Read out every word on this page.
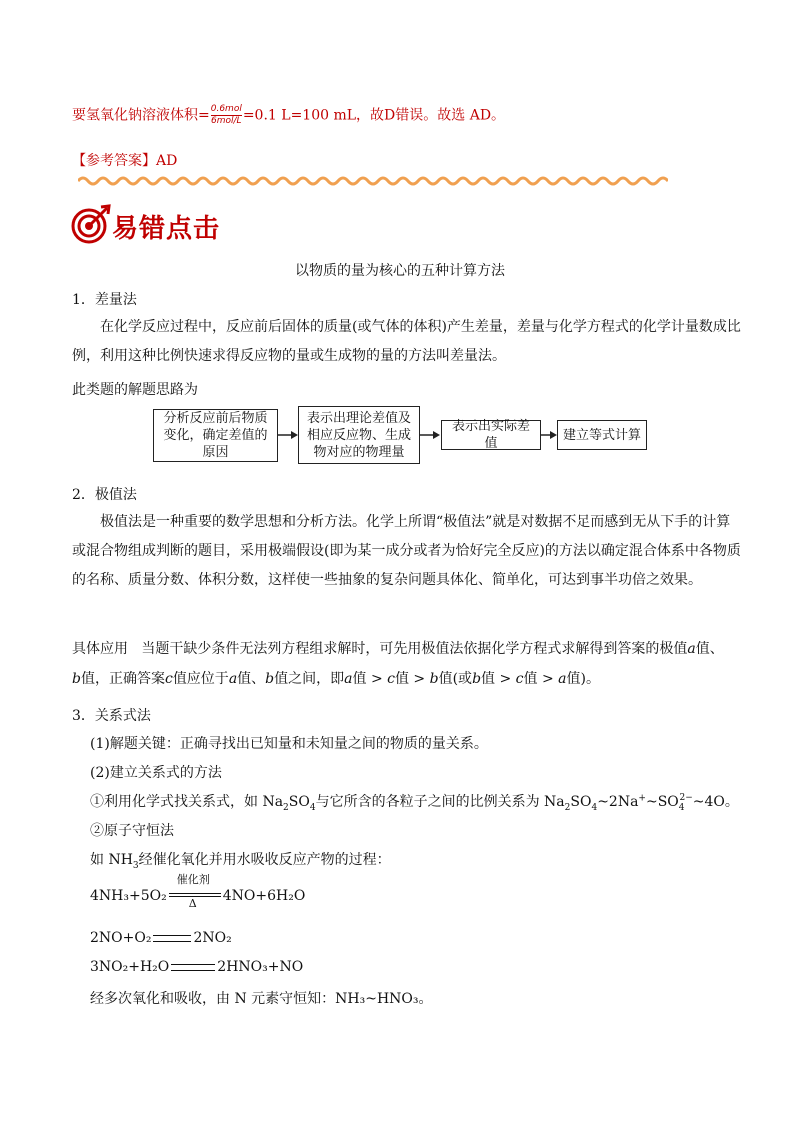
要氢氧化钠溶液体积= $\frac{\text{0.6mol}}{\text{6mol/L}} =0.1$ L=100 mL，故D错误。故选 AD。
【参考答案】AD
易错点击
以物质的量为核心的五种计算方法
1．差量法
在化学反应过程中，反应前后固体的质量(或气体的体积)产生差量，差量与化学方程式的化学计量数成比例，利用这种比例快速求得反应物的量或生成物的量的方法叫差量法。
此类题的解题思路为
分析反应前后物质变化，确定差值的原因
表示出理论差值及相应反应物、生成物对应的物理量
表示出实际差值
建立等式计算
2．极值法
极值法是一种重要的数学思想和分析方法。化学上所谓“极值法”就是对数据不足而感到无从下手的计算或混合物组成判断的题目，采用极端假设(即为某一成分或者为恰好完全反应)的方法以确定混合体系中各物质的名称、质量分数、体积分数，这样使一些抽象的复杂问题具体化、简单化，可达到事半功倍之效果。
具体应用 当题干缺少条件无法列方程组求解时，可先用极值法依据化学方程式求解得到答案的极值a值、
b值，正确答案c值应位于a值、b值之间，即a值 > c值 > b值(或b值 > c值 > a值)。
3．关系式法
(1)解题关键：正确寻找出已知量和未知量之间的物质的量关系。
(2)建立关系式的方法
①利用化学式找关系式，如 $Na_2SO_4$与它所含的各粒子之间的比例关系为 $Na_2SO_4\sim 2Na^+\sim SO_4^{2-}\sim 4O$。
②原子守恒法
如 $NH_3$经催化氧化并用水吸收反应产物的过程：
4NH₃+5O₂
催化剂
Δ 4NO+6H₂O
2NO+O₂	2NO₂
3NO₂+H₂O	2HNO₃+NO
经多次氧化和吸收，由 N 元素守恒知：NH₃~HNO₃。
